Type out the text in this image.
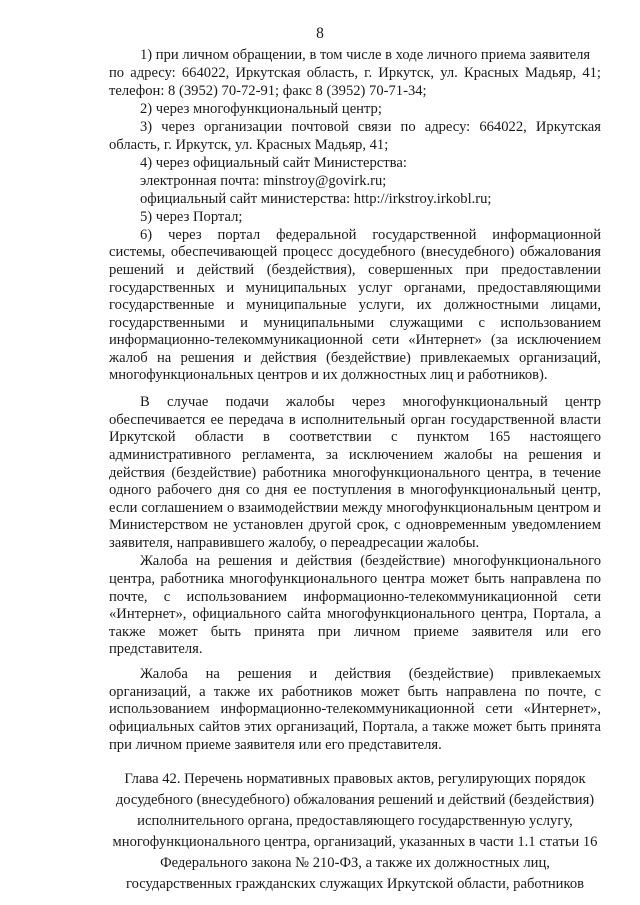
8
1) при личном обращении, в том числе в ходе личного приема заявителя
по адресу: 664022, Иркутская область, г. Иркутск, ул. Красных Мадьяр, 41;
телефон: 8 (3952) 70-72-91; факс 8 (3952) 70-71-34;
2) через многофункциональный центр;
3) через организации почтовой связи по адресу: 664022, Иркутская
область, г. Иркутск, ул. Красных Мадьяр, 41;
4) через официальный сайт Министерства:
электронная почта: minstroy@govirk.ru;
официальный сайт министерства: http://irkstroy.irkobl.ru;
5) через Портал;
6) через портал федеральной государственной информационной
системы, обеспечивающей процесс досудебного (внесудебного) обжалования
решений и действий (бездействия), совершенных при предоставлении
государственных и муниципальных услуг органами, предоставляющими
государственные и муниципальные услуги, их должностными лицами,
государственными и муниципальными служащими с использованием
информационно-телекоммуникационной сети «Интернет» (за исключением
жалоб на решения и действия (бездействие) привлекаемых организаций,
многофункциональных центров и их должностных лиц и работников).
В случае подачи жалобы через многофункциональный центр
обеспечивается ее передача в исполнительный орган государственной власти
Иркутской области в соответствии с пунктом 165 настоящего
административного регламента, за исключением жалобы на решения и
действия (бездействие) работника многофункционального центра, в течение
одного рабочего дня со дня ее поступления в многофункциональный центр,
если соглашением о взаимодействии между многофункциональным центром и
Министерством не установлен другой срок, с одновременным уведомлением
заявителя, направившего жалобу, о переадресации жалобы.
Жалоба на решения и действия (бездействие) многофункционального
центра, работника многофункционального центра может быть направлена по
почте, с использованием информационно-телекоммуникационной сети
«Интернет», официального сайта многофункционального центра, Портала, а
также может быть принята при личном приеме заявителя или его
представителя.
Жалоба на решения и действия (бездействие) привлекаемых
организаций, а также их работников может быть направлена по почте, с
использованием информационно-телекоммуникационной сети «Интернет»,
официальных сайтов этих организаций, Портала, а также может быть принята
при личном приеме заявителя или его представителя.
Глава 42. Перечень нормативных правовых актов, регулирующих порядок
досудебного (внесудебного) обжалования решений и действий (бездействия)
исполнительного органа, предоставляющего государственную услугу,
многофункционального центра, организаций, указанных в части 1.1 статьи 16
Федерального закона № 210-ФЗ, а также их должностных лиц,
государственных гражданских служащих Иркутской области, работников
